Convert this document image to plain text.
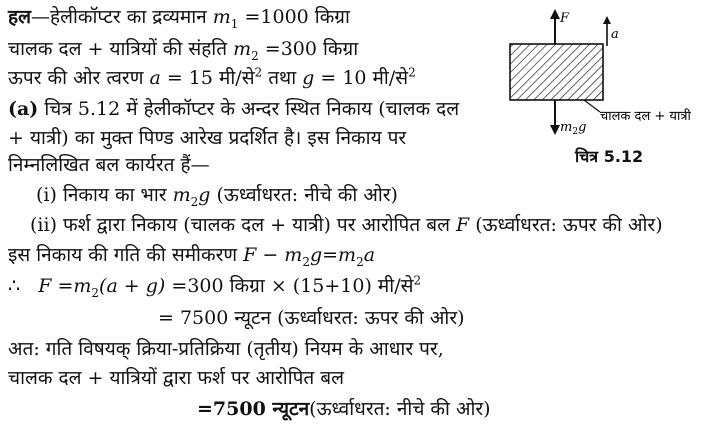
हल—हेलीकॉप्टर का द्रव्यमान $m_1 =1000$ किग्रा
चालक दल + यात्रियों की संहति $m_2 =300$ किग्रा
ऊपर की ओर त्वरण a = 15 मी/से$^2$ तथा g = 10 मी/से$^2$
(a) चित्र 5.12 में हेलीकॉप्टर के अन्दर स्थित निकाय (चालक दल
+ यात्री) का मुक्त पिण्ड आरेख प्रदर्शित है। इस निकाय पर
निम्नलिखित बल कार्यरत हैं—
(i) निकाय का भार $m_2g$ (ऊर्ध्वाधरत: नीचे की ओर)
(ii) फर्श द्वारा निकाय (चालक दल + यात्री) पर आरोपित बल F (ऊर्ध्वाधरत: ऊपर की ओर)
इस निकाय की गति की समीकरण $F - m_2g=m_2a$
∴ $F =m_2(a + g) =300$ किग्रा × (15+10) मी/से$^2$
= 7500 न्यूटन (ऊर्ध्वाधरत: ऊपर की ओर)
अत: गति विषयक् क्रिया-प्रतिक्रिया (तृतीय) नियम के आधार पर,
चालक दल + यात्रियों द्वारा फर्श पर आरोपित बल
=7500 न्यूटन(ऊर्ध्वाधरत: नीचे की ओर)
F
$m_2g$
a
चालक दल + यात्री
चित्र 5.12
